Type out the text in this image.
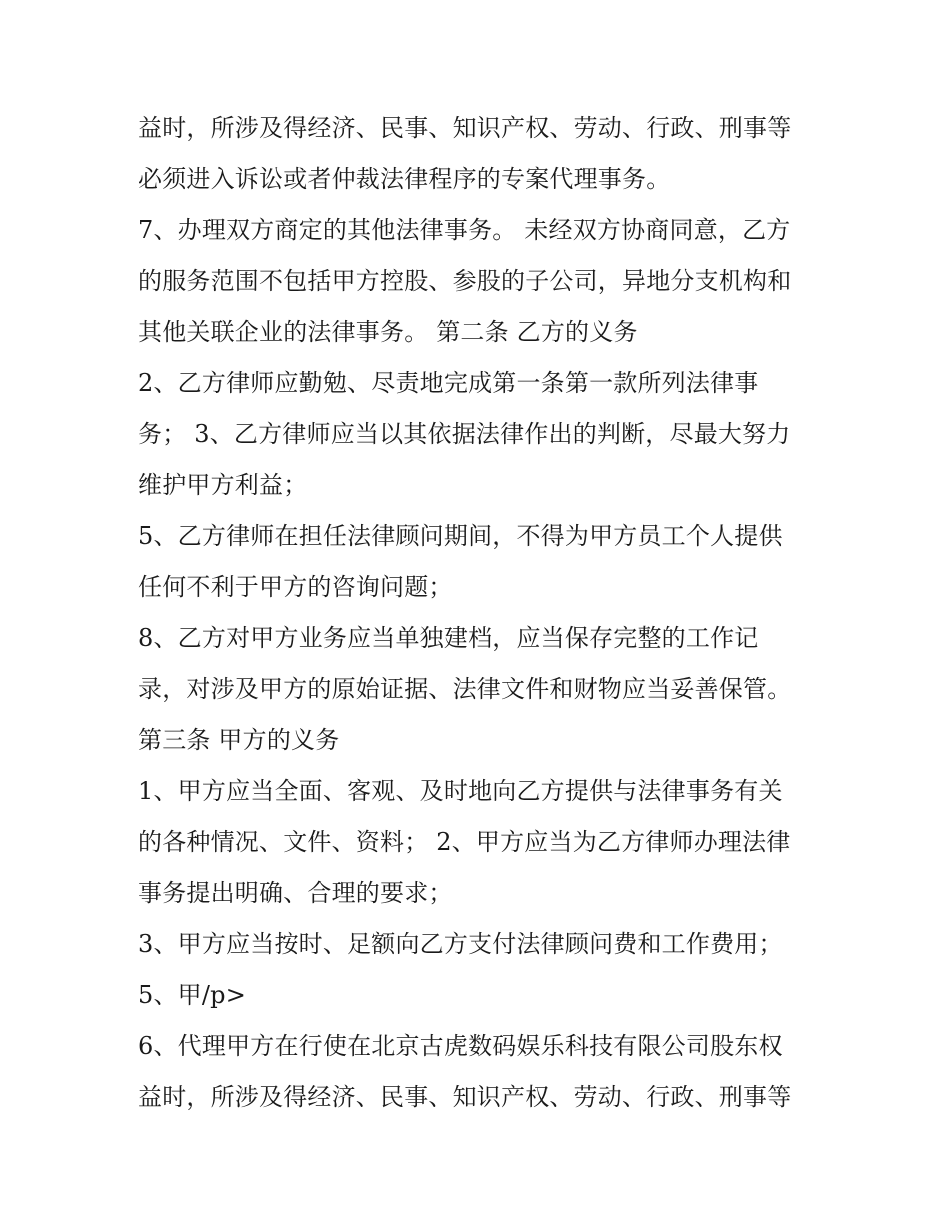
益时，所涉及得经济、民事、知识产权、劳动、行政、刑事等
必须进入诉讼或者仲裁法律程序的专案代理事务。
7、办理双方商定的其他法律事务。 未经双方协商同意，乙方
的服务范围不包括甲方控股、参股的子公司，异地分支机构和
其他关联企业的法律事务。 第二条 乙方的义务
2、乙方律师应勤勉、尽责地完成第一条第一款所列法律事
务； 3、乙方律师应当以其依据法律作出的判断，尽最大努力
维护甲方利益；
5、乙方律师在担任法律顾问期间，不得为甲方员工个人提供
任何不利于甲方的咨询问题；
8、乙方对甲方业务应当单独建档，应当保存完整的工作记
录，对涉及甲方的原始证据、法律文件和财物应当妥善保管。
第三条 甲方的义务
1、甲方应当全面、客观、及时地向乙方提供与法律事务有关
的各种情况、文件、资料； 2、甲方应当为乙方律师办理法律
事务提出明确、合理的要求；
3、甲方应当按时、足额向乙方支付法律顾问费和工作费用；
5、甲/p>
6、代理甲方在行使在北京古虎数码娱乐科技有限公司股东权
益时，所涉及得经济、民事、知识产权、劳动、行政、刑事等
